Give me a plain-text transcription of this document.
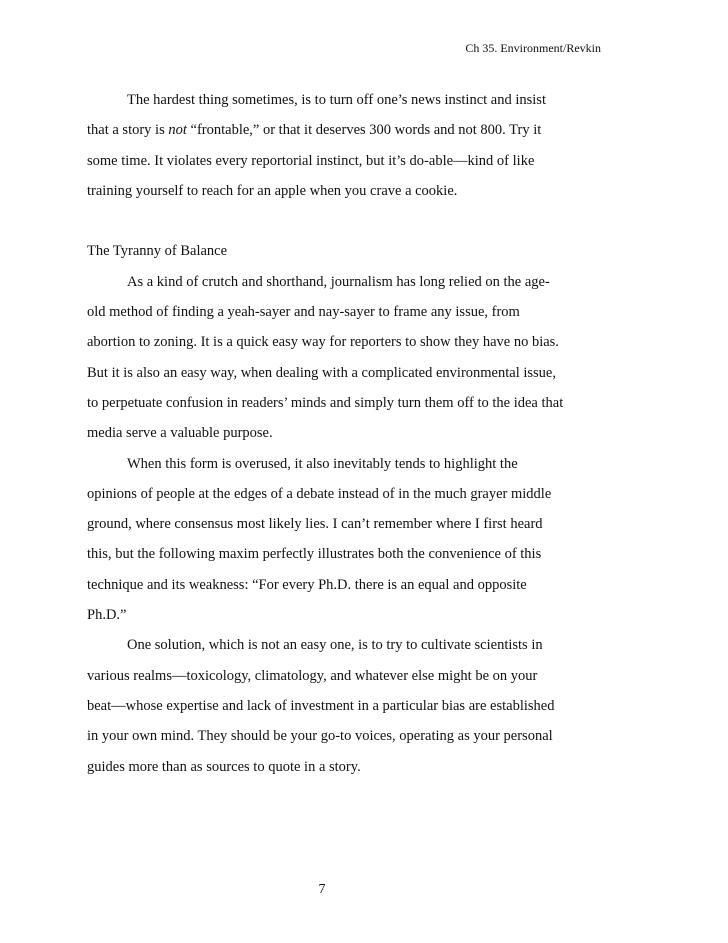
Ch 35. Environment/Revkin

The hardest thing sometimes, is to turn off one’s news instinct and insist
that a story is not “frontable,” or that it deserves 300 words and not 800. Try it
some time. It violates every reportorial instinct, but it’s do-able—kind of like
training yourself to reach for an apple when you crave a cookie.

The Tyranny of Balance

As a kind of crutch and shorthand, journalism has long relied on the age-
old method of finding a yeah-sayer and nay-sayer to frame any issue, from
abortion to zoning. It is a quick easy way for reporters to show they have no bias.
But it is also an easy way, when dealing with a complicated environmental issue,
to perpetuate confusion in readers’ minds and simply turn them off to the idea that
media serve a valuable purpose.

When this form is overused, it also inevitably tends to highlight the
opinions of people at the edges of a debate instead of in the much grayer middle
ground, where consensus most likely lies. I can’t remember where I first heard
this, but the following maxim perfectly illustrates both the convenience of this
technique and its weakness: “For every Ph.D. there is an equal and opposite
Ph.D.”

One solution, which is not an easy one, is to try to cultivate scientists in
various realms—toxicology, climatology, and whatever else might be on your
beat—whose expertise and lack of investment in a particular bias are established
in your own mind. They should be your go-to voices, operating as your personal
guides more than as sources to quote in a story.

7
